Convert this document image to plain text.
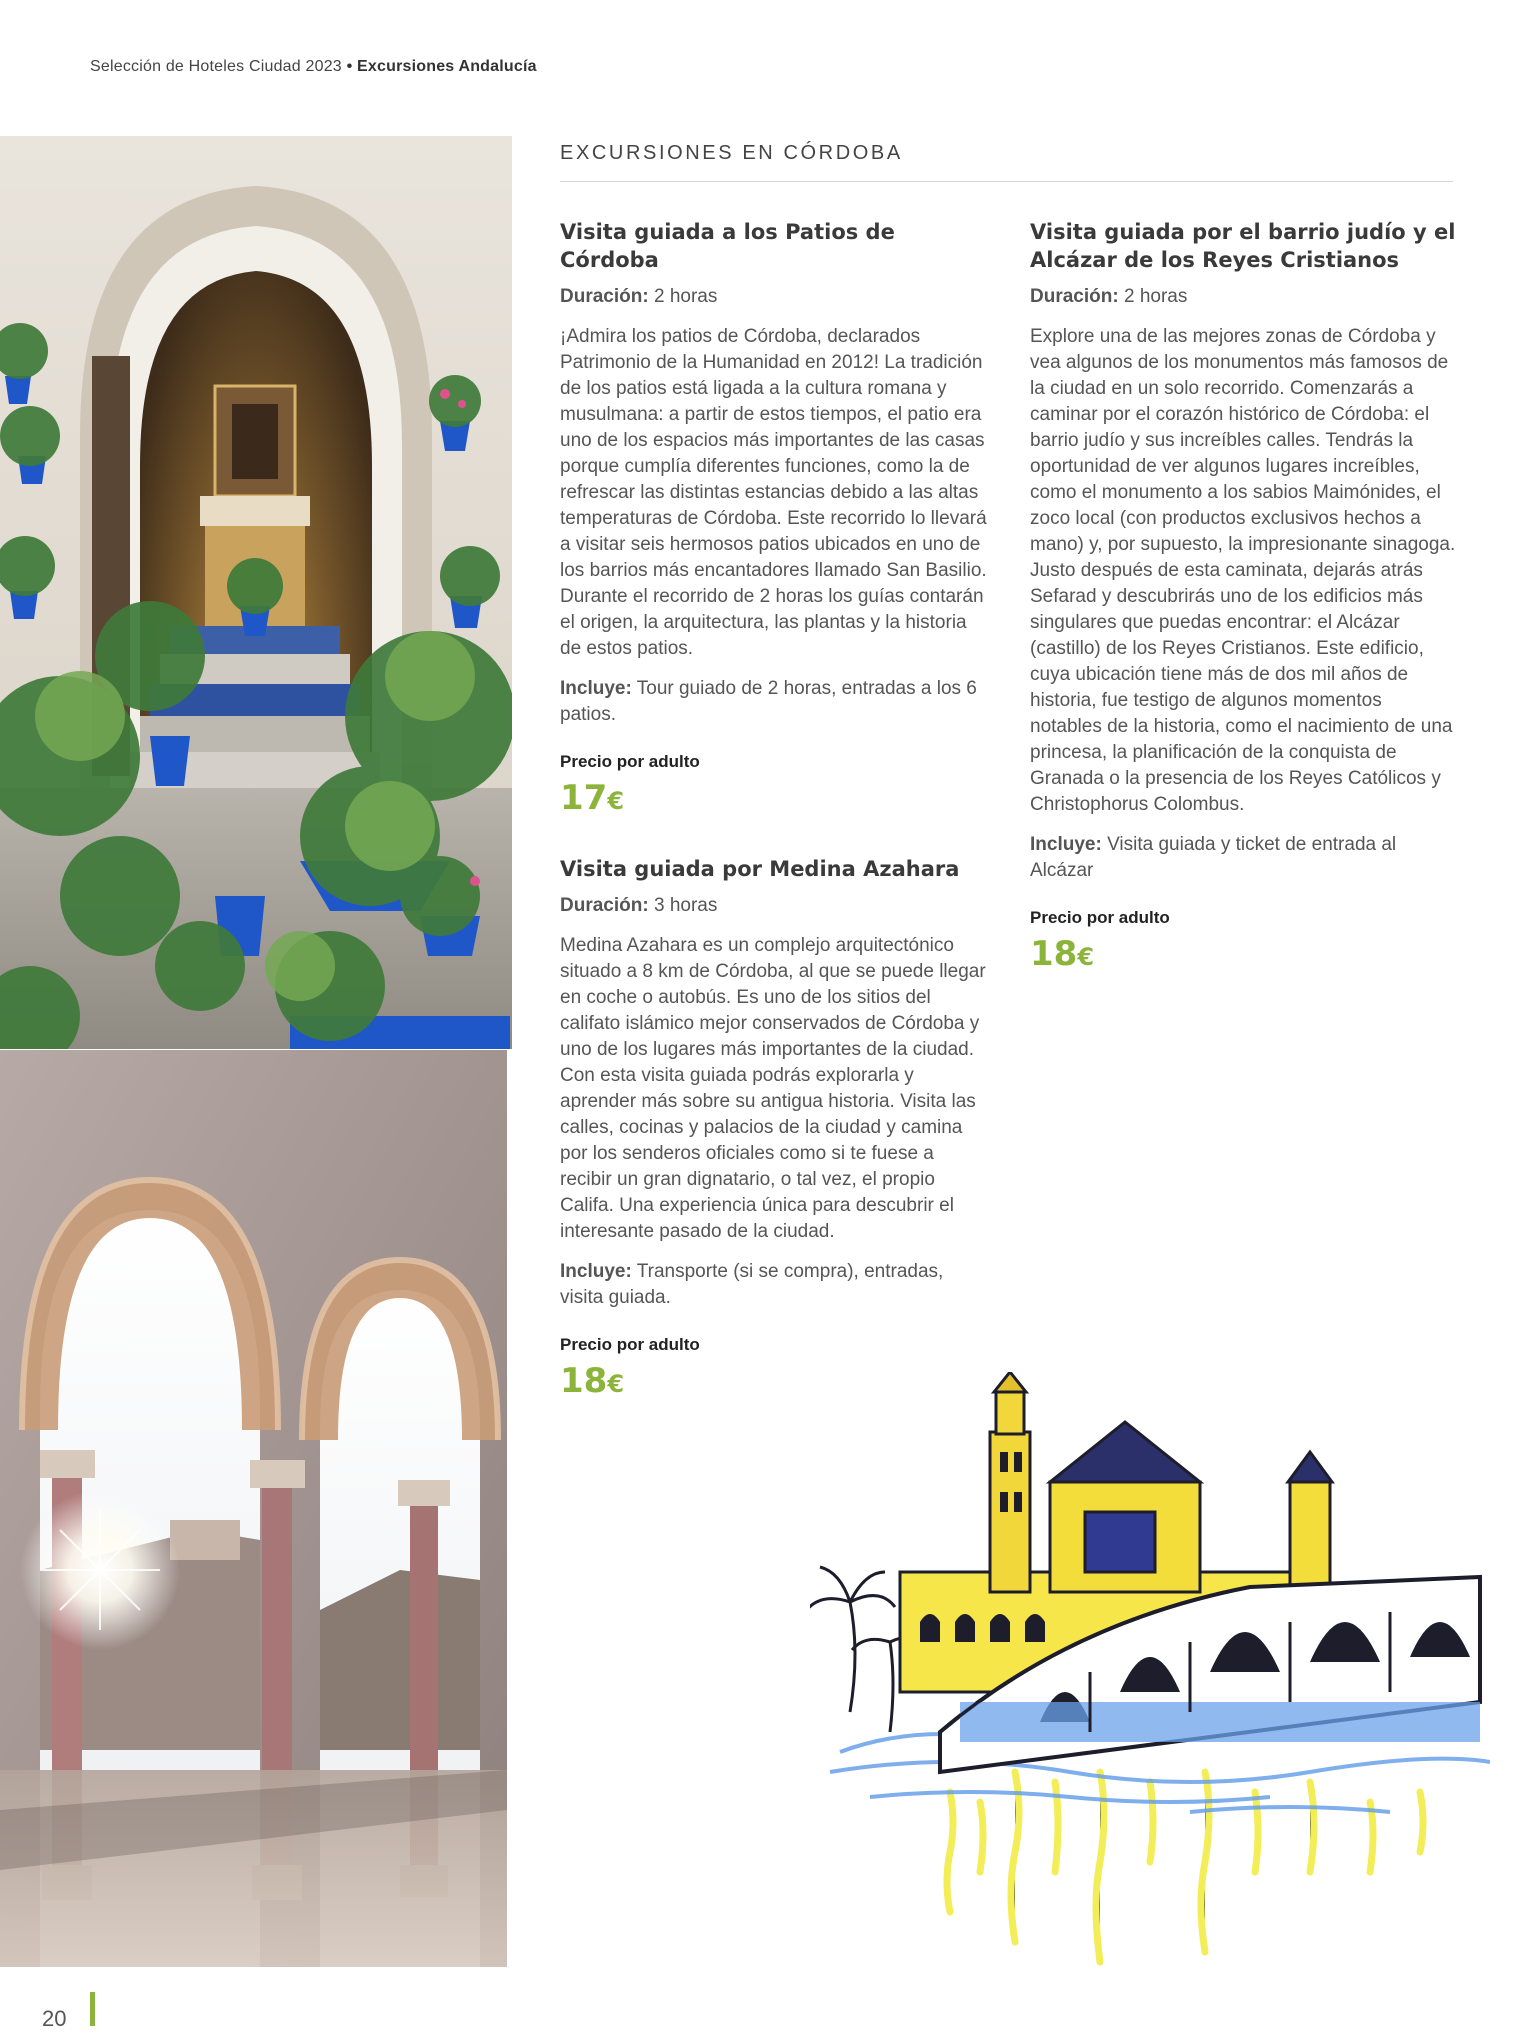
Selección de Hoteles Ciudad 2023 • Excursiones Andalucía
EXCURSIONES EN CÓRDOBA
Visita guiada a los Patios de Córdoba

Duración: 2 horas

¡Admira los patios de Córdoba, declarados Patrimonio de la Humanidad en 2012! La tradición de los patios está ligada a la cultura romana y musulmana: a partir de estos tiempos, el patio era uno de los espacios más importantes de las casas porque cumplía diferentes funciones, como la de refrescar las distintas estancias debido a las altas temperaturas de Córdoba. Este recorrido lo llevará a visitar seis hermosos patios ubicados en uno de los barrios más encantadores llamado San Basilio. Durante el recorrido de 2 horas los guías contarán el origen, la arquitectura, las plantas y la historia de estos patios.

Incluye: Tour guiado de 2 horas, entradas a los 6 patios.

Precio por adulto
17€
Visita guiada por Medina Azahara

Duración: 3 horas

Medina Azahara es un complejo arquitectónico situado a 8 km de Córdoba, al que se puede llegar en coche o autobús. Es uno de los sitios del califato islámico mejor conservados de Córdoba y uno de los lugares más importantes de la ciudad. Con esta visita guiada podrás explorarla y aprender más sobre su antigua historia. Visita las calles, cocinas y palacios de la ciudad y camina por los senderos oficiales como si te fuese a recibir un gran dignatario, o tal vez, el propio Califa. Una experiencia única para descubrir el interesante pasado de la ciudad.

Incluye: Transporte (si se compra), entradas, visita guiada.

Precio por adulto
18€
Visita guiada por el barrio judío y el Alcázar de los Reyes Cristianos

Duración: 2 horas

Explore una de las mejores zonas de Córdoba y vea algunos de los monumentos más famosos de la ciudad en un solo recorrido. Comenzarás a caminar por el corazón histórico de Córdoba: el barrio judío y sus increíbles calles. Tendrás la oportunidad de ver algunos lugares increíbles, como el monumento a los sabios Maimónides, el zoco local (con productos exclusivos hechos a mano) y, por supuesto, la impresionante sinagoga. Justo después de esta caminata, dejarás atrás Sefarad y descubrirás uno de los edificios más singulares que puedas encontrar: el Alcázar (castillo) de los Reyes Cristianos. Este edificio, cuya ubicación tiene más de dos mil años de historia, fue testigo de algunos momentos notables de la historia, como el nacimiento de una princesa, la planificación de la conquista de Granada o la presencia de los Reyes Católicos y Christophorus Colombus.

Incluye: Visita guiada y ticket de entrada al Alcázar

Precio por adulto
18€
20
